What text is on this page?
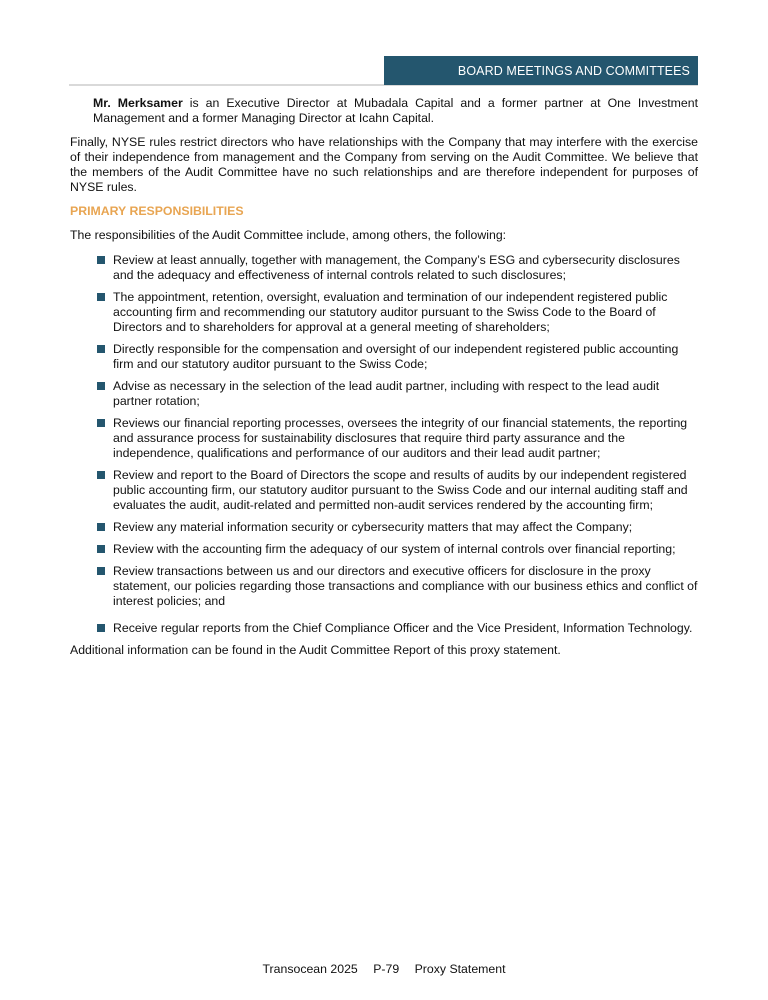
BOARD MEETINGS AND COMMITTEES

Mr. Merksamer is an Executive Director at Mubadala Capital and a former partner at One Investment Management and a former Managing Director at Icahn Capital.

Finally, NYSE rules restrict directors who have relationships with the Company that may interfere with the exercise of their independence from management and the Company from serving on the Audit Committee. We believe that the members of the Audit Committee have no such relationships and are therefore independent for purposes of NYSE rules.

PRIMARY RESPONSIBILITIES

The responsibilities of the Audit Committee include, among others, the following:

Review at least annually, together with management, the Company’s ESG and cybersecurity disclosures and the adequacy and effectiveness of internal controls related to such disclosures;
The appointment, retention, oversight, evaluation and termination of our independent registered public accounting firm and recommending our statutory auditor pursuant to the Swiss Code to the Board of Directors and to shareholders for approval at a general meeting of shareholders;
Directly responsible for the compensation and oversight of our independent registered public accounting firm and our statutory auditor pursuant to the Swiss Code;
Advise as necessary in the selection of the lead audit partner, including with respect to the lead audit partner rotation;
Reviews our financial reporting processes, oversees the integrity of our financial statements, the reporting and assurance process for sustainability disclosures that require third party assurance and the independence, qualifications and performance of our auditors and their lead audit partner;
Review and report to the Board of Directors the scope and results of audits by our independent registered public accounting firm, our statutory auditor pursuant to the Swiss Code and our internal auditing staff and evaluates the audit, audit-related and permitted non-audit services rendered by the accounting firm;
Review any material information security or cybersecurity matters that may affect the Company;
Review with the accounting firm the adequacy of our system of internal controls over financial reporting;
Review transactions between us and our directors and executive officers for disclosure in the proxy statement, our policies regarding those transactions and compliance with our business ethics and conflict of interest policies; and
Receive regular reports from the Chief Compliance Officer and the Vice President, Information Technology.

Additional information can be found in the Audit Committee Report of this proxy statement.

Transocean 2025 P-79 Proxy Statement
